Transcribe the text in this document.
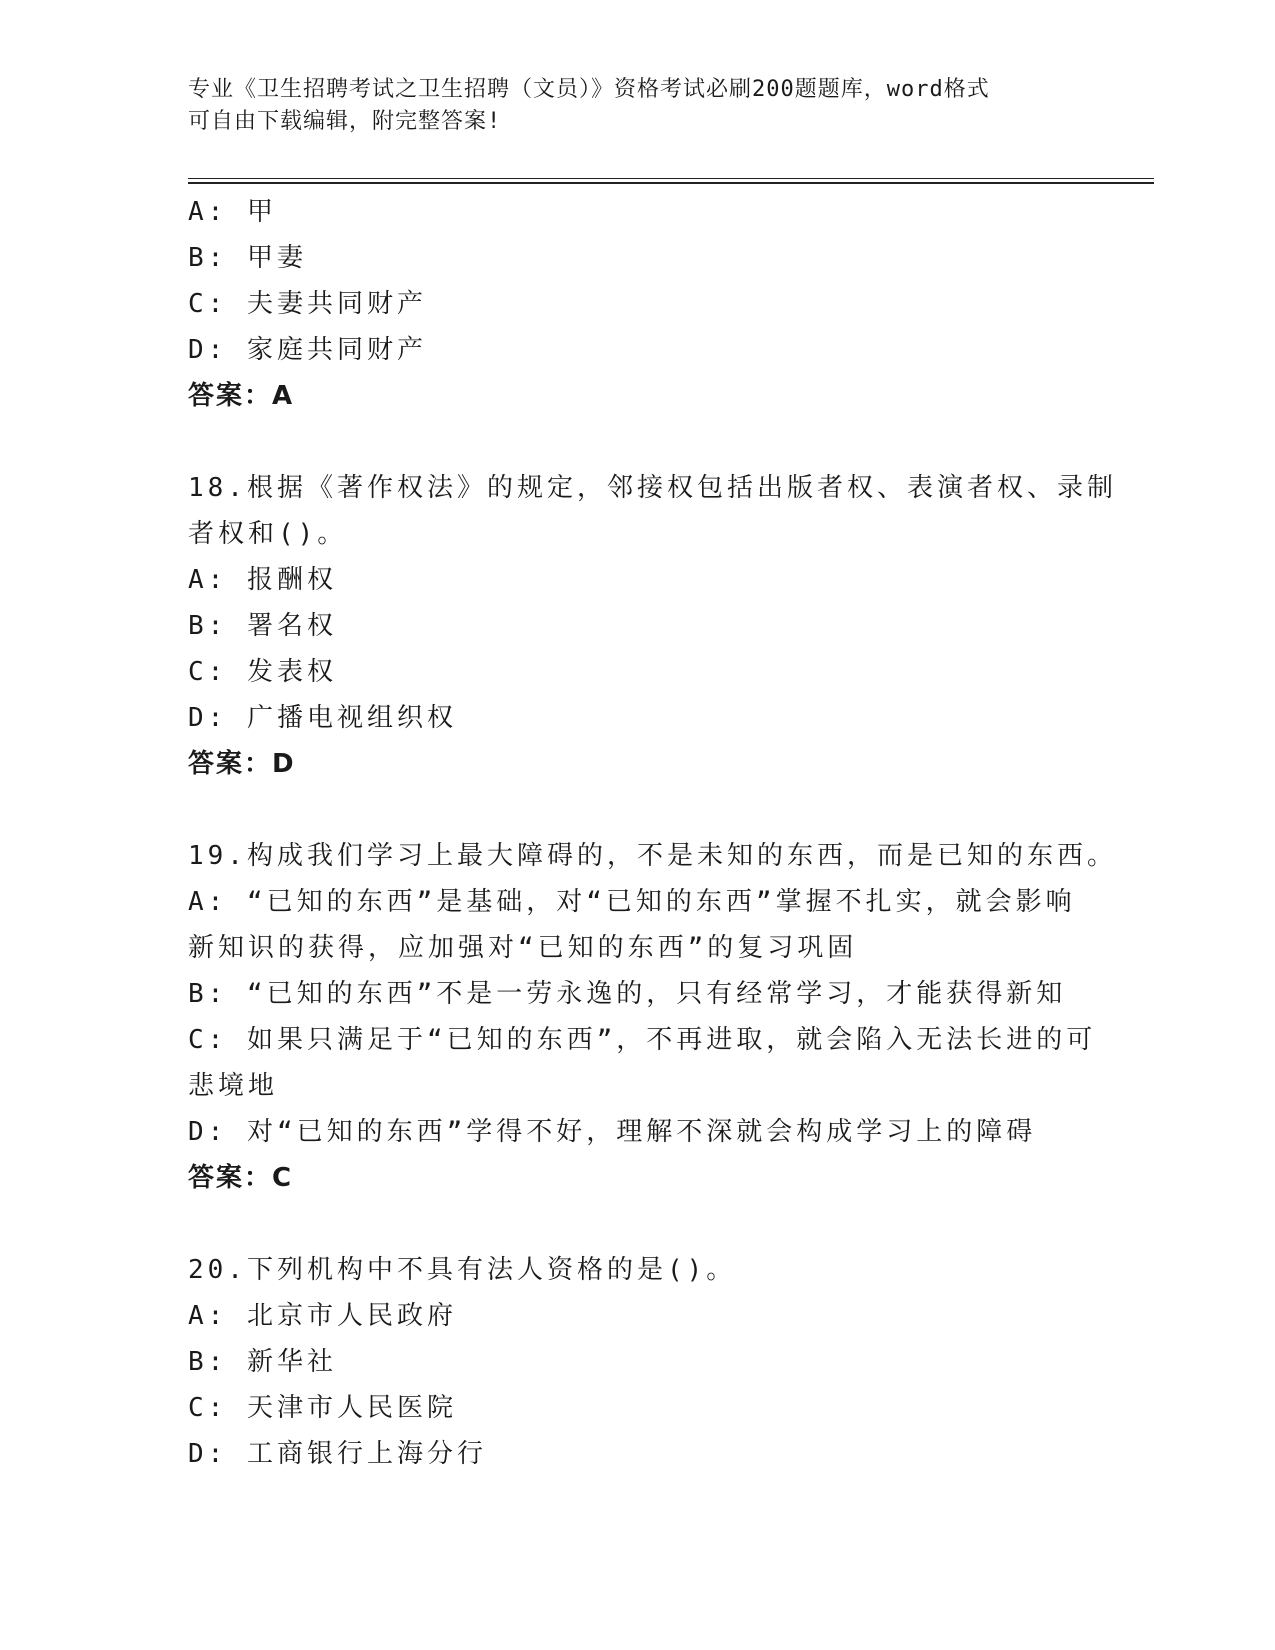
专业《卫生招聘考试之卫生招聘（文员）》资格考试必刷200题题库，word格式
可自由下载编辑，附完整答案!
A: 甲
B: 甲妻
C: 夫妻共同财产
D: 家庭共同财产
答案：A
18.根据《著作权法》的规定，邻接权包括出版者权、表演者权、录制
者权和()。
A: 报酬权
B: 署名权
C: 发表权
D: 广播电视组织权
答案：D
19.构成我们学习上最大障碍的，不是未知的东西，而是已知的东西。
A: “已知的东西”是基础，对“已知的东西”掌握不扎实，就会影响
新知识的获得，应加强对“已知的东西”的复习巩固
B: “已知的东西”不是一劳永逸的，只有经常学习，才能获得新知
C: 如果只满足于“已知的东西”，不再进取，就会陷入无法长进的可
悲境地
D: 对“已知的东西”学得不好，理解不深就会构成学习上的障碍
答案：C
20.下列机构中不具有法人资格的是()。
A: 北京市人民政府
B: 新华社
C: 天津市人民医院
D: 工商银行上海分行
